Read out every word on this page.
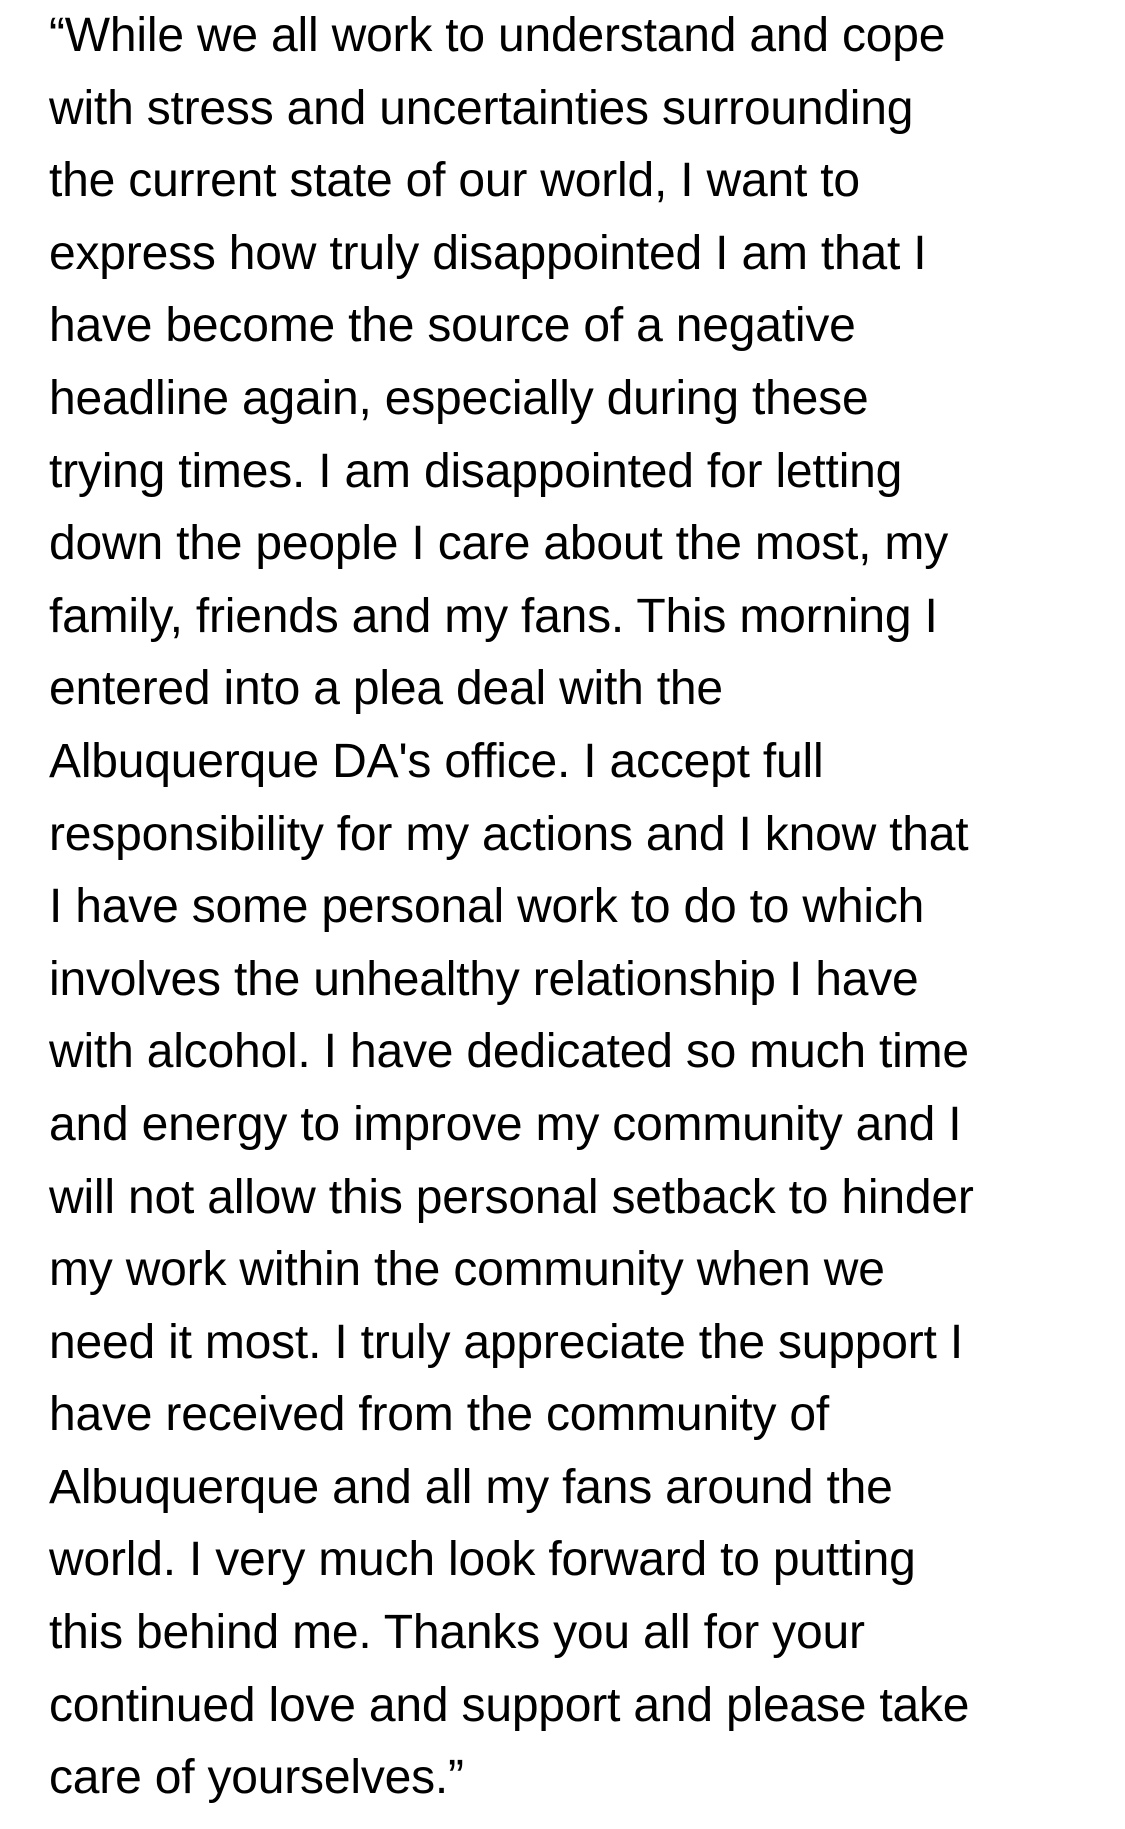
“While we all work to understand and cope
with stress and uncertainties surrounding
the current state of our world, I want to
express how truly disappointed I am that I
have become the source of a negative
headline again, especially during these
trying times. I am disappointed for letting
down the people I care about the most, my
family, friends and my fans. This morning I
entered into a plea deal with the
Albuquerque DA's office. I accept full
responsibility for my actions and I know that
I have some personal work to do to which
involves the unhealthy relationship I have
with alcohol. I have dedicated so much time
and energy to improve my community and I
will not allow this personal setback to hinder
my work within the community when we
need it most. I truly appreciate the support I
have received from the community of
Albuquerque and all my fans around the
world. I very much look forward to putting
this behind me. Thanks you all for your
continued love and support and please take
care of yourselves.”
